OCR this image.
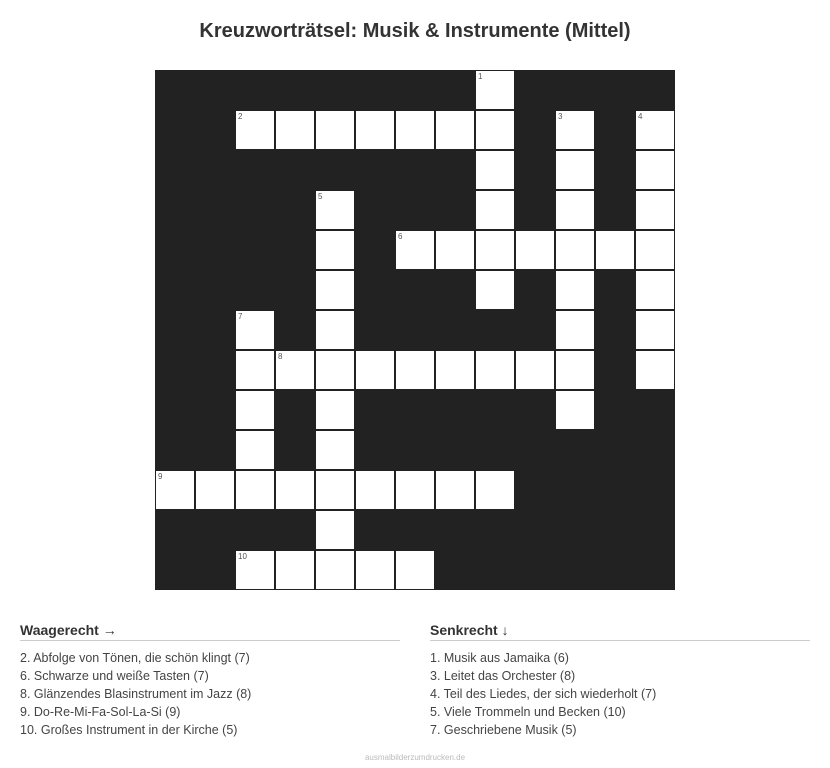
Kreuzworträtsel: Musik & Instrumente (Mittel)
1
2	3	4
5
6
7
8
9
10
Waagerecht →
2. Abfolge von Tönen, die schön klingt (7)
6. Schwarze und weiße Tasten (7)
8. Glänzendes Blasinstrument im Jazz (8)
9. Do-Re-Mi-Fa-Sol-La-Si (9)
10. Großes Instrument in der Kirche (5)
Senkrecht ↓
1. Musik aus Jamaika (6)
3. Leitet das Orchester (8)
4. Teil des Liedes, der sich wiederholt (7)
5. Viele Trommeln und Becken (10)
7. Geschriebene Musik (5)
ausmalbilderzumdrucken.de
